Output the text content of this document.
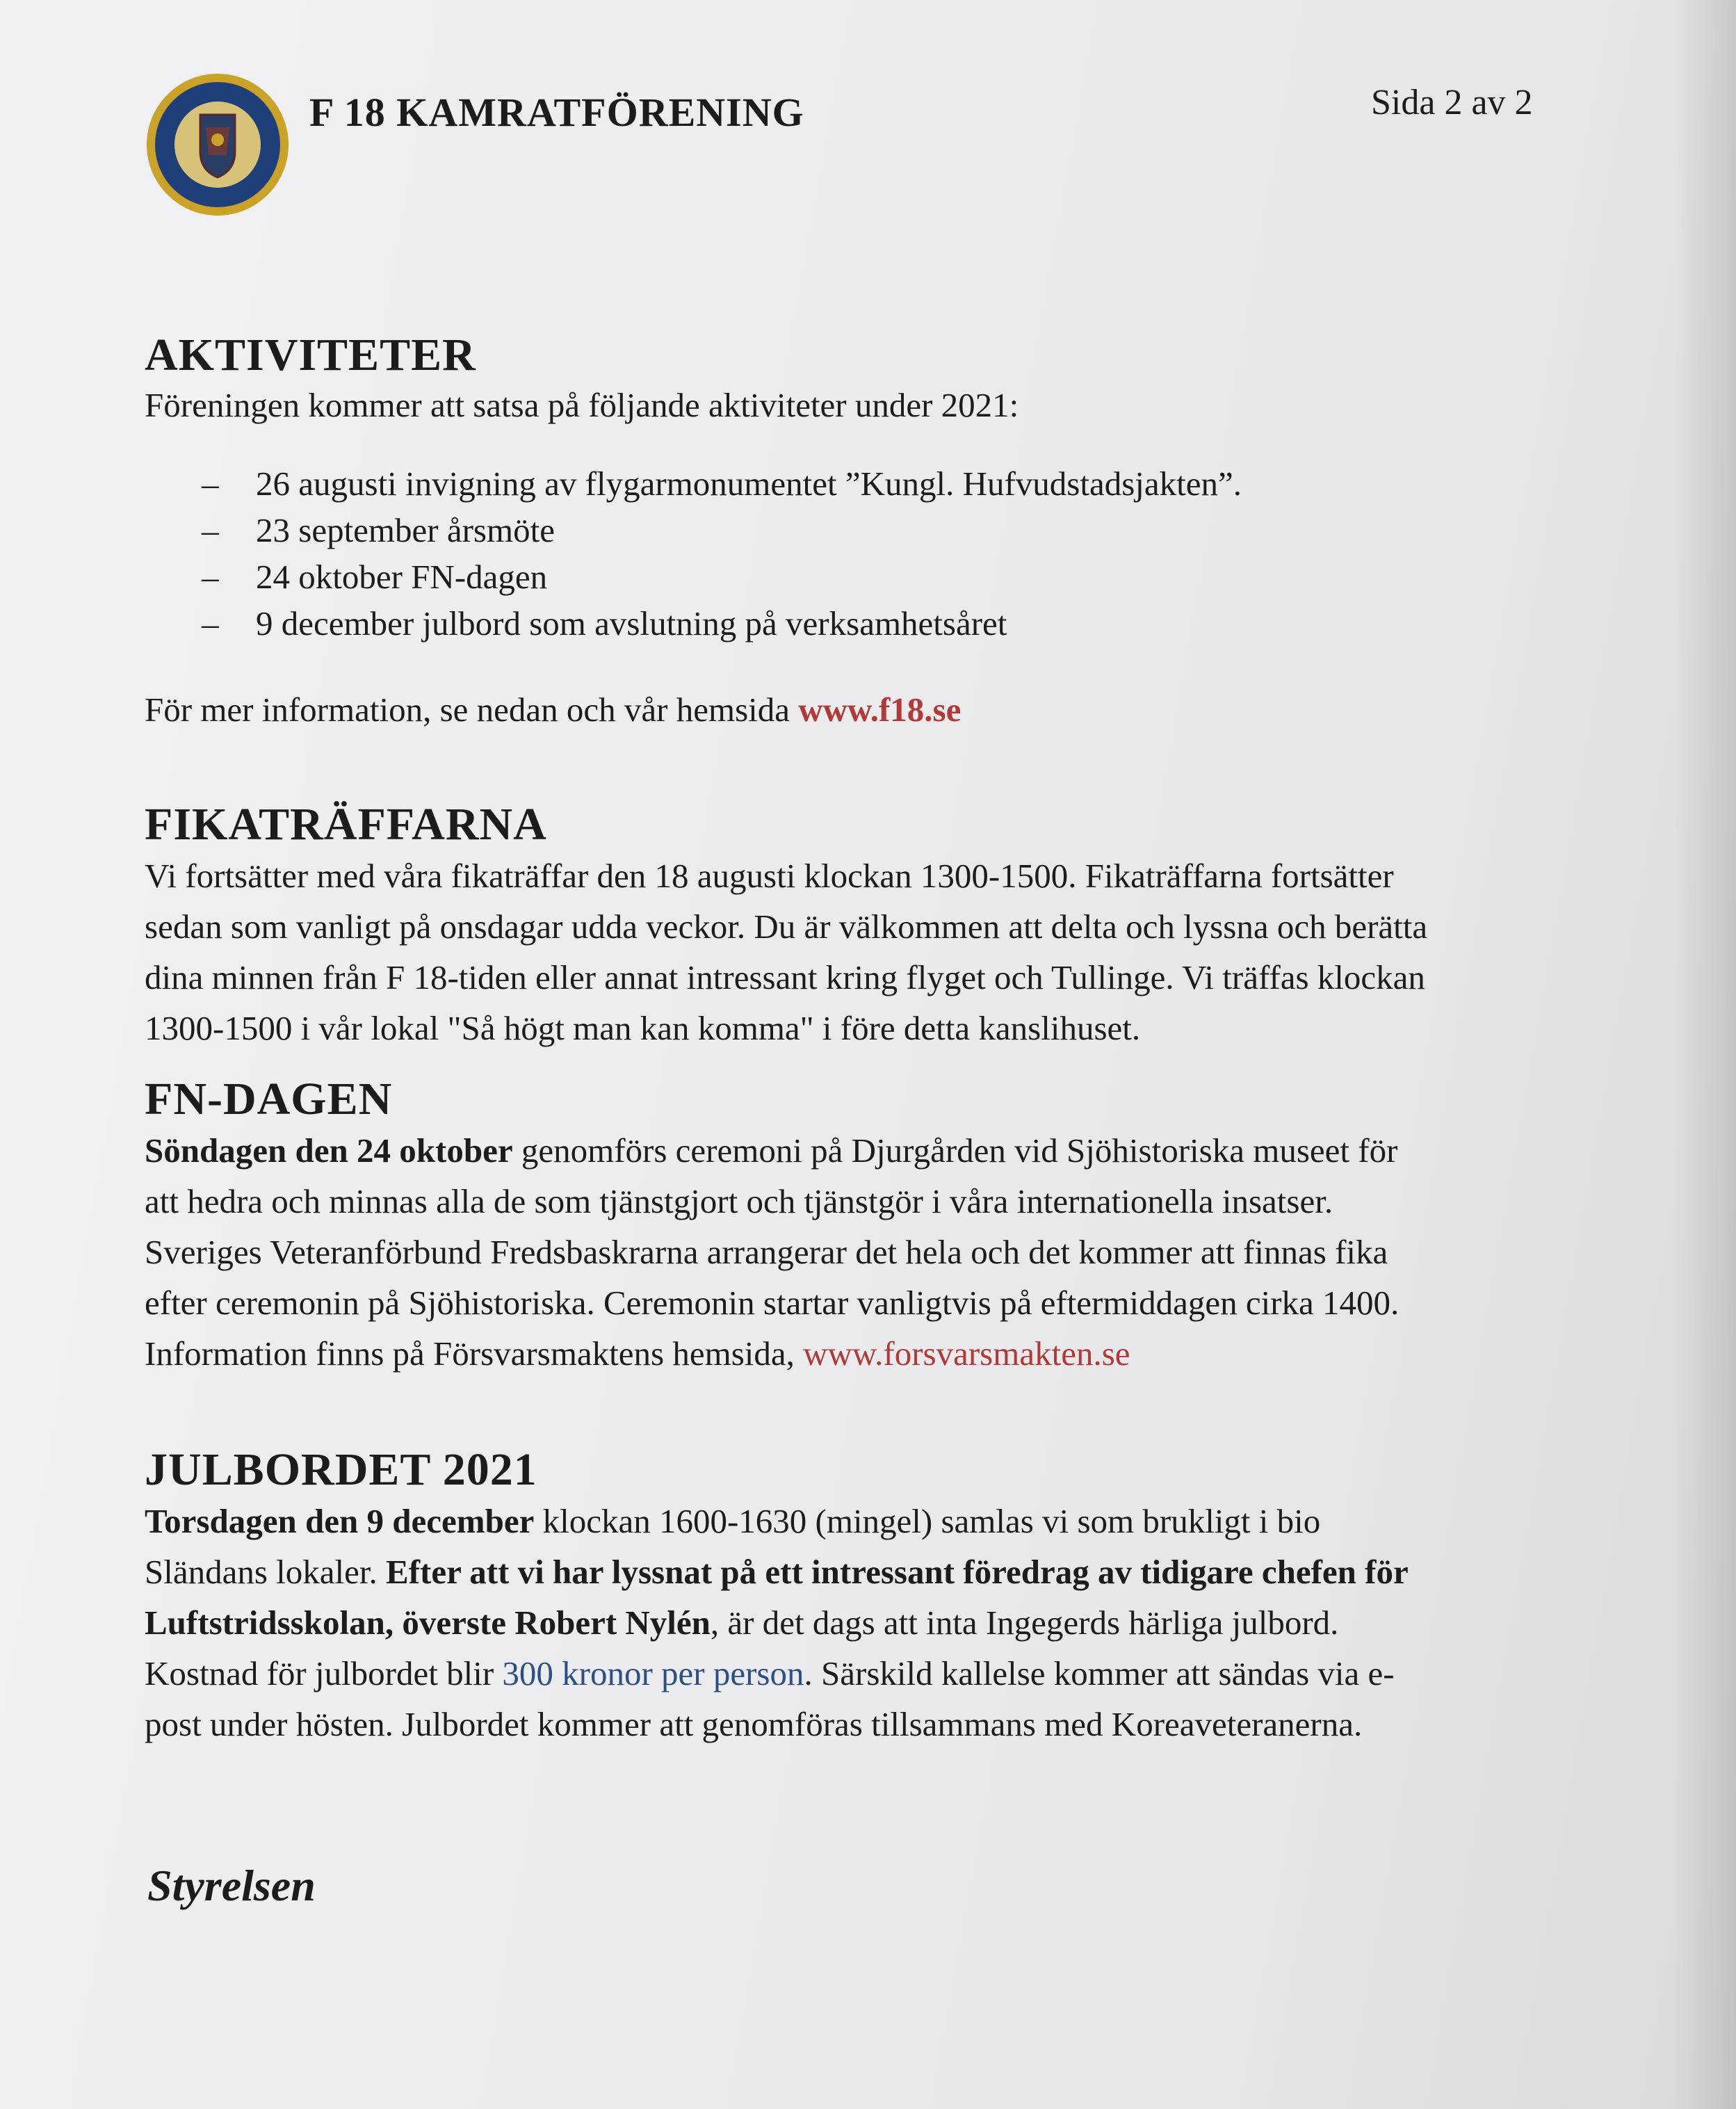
F 18 KAMRATFÖRENING	Sida 2 av 2
AKTIVITETER
Föreningen kommer att satsa på följande aktiviteter under 2021:
– 26 augusti invigning av flygarmonumentet ”Kungl. Hufvudstadsjakten”.
– 23 september årsmöte
– 24 oktober FN-dagen
– 9 december julbord som avslutning på verksamhetsåret

För mer information, se nedan och vår hemsida www.f18.se

FIKATRÄFFARNA

Vi fortsätter med våra fikaträffar den 18 augusti klockan 1300-1500. Fikaträffarna fortsätter

sedan som vanligt på onsdagar udda veckor. Du är välkommen att delta och lyssna och berätta

dina minnen från F 18-tiden eller annat intressant kring flyget och Tullinge. Vi träffas klockan

1300-1500 i vår lokal "Så högt man kan komma" i före detta kanslihuset.

FN-DAGEN

Söndagen den 24 oktober genomförs ceremoni på Djurgården vid Sjöhistoriska museet för

att hedra och minnas alla de som tjänstgjort och tjänstgör i våra internationella insatser.

Sveriges Veteranförbund Fredsbaskrarna arrangerar det hela och det kommer att finnas fika

efter ceremonin på Sjöhistoriska. Ceremonin startar vanligtvis på eftermiddagen cirka 1400.

Information finns på Försvarsmaktens hemsida, www.forsvarsmakten.se

JULBORDET 2021

Torsdagen den 9 december klockan 1600-1630 (mingel) samlas vi som brukligt i bio

Sländans lokaler. Efter att vi har lyssnat på ett intressant föredrag av tidigare chefen för

Luftstridsskolan, överste Robert Nylén, är det dags att inta Ingegerds härliga julbord.

Kostnad för julbordet blir 300 kronor per person. Särskild kallelse kommer att sändas via e-

post under hösten. Julbordet kommer att genomföras tillsammans med Koreaveteranerna.

Styrelsen
